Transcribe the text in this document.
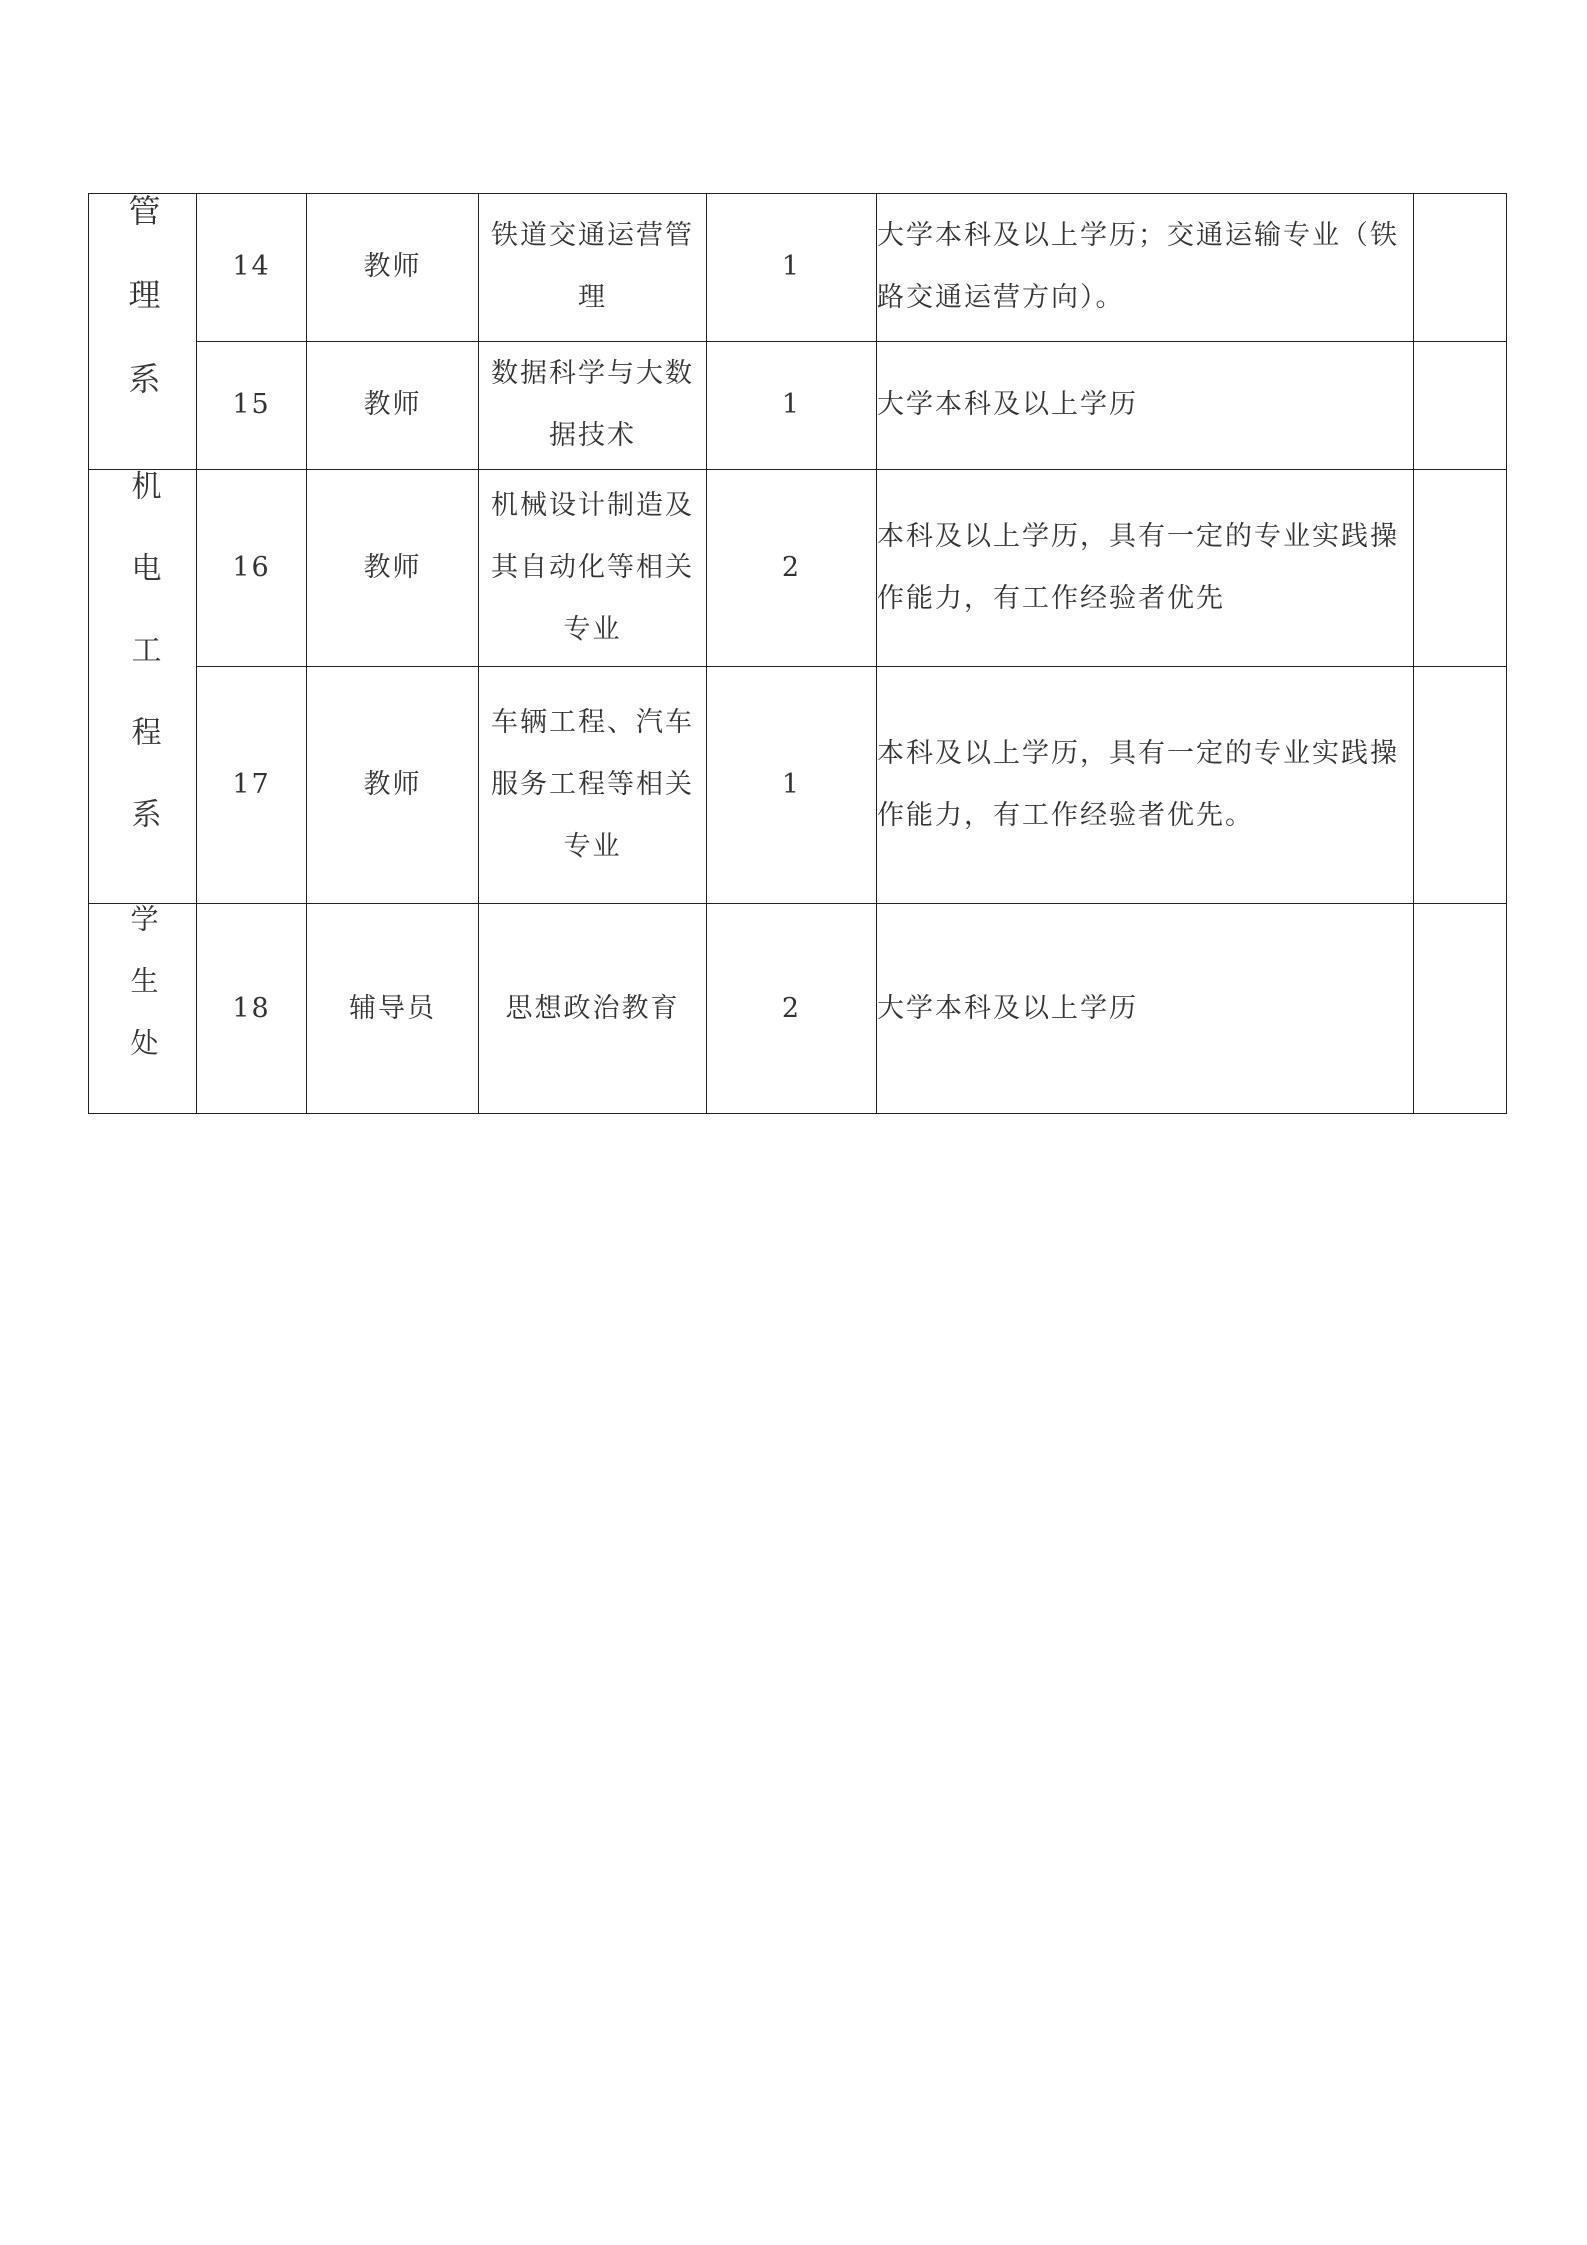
管理系	14	教师	铁道交通运营管理	1	大学本科及以上学历；交通运输专业（铁路交通运营方向）。	
	15	教师	数据科学与大数据技术	1	大学本科及以上学历	
机电工程系	16	教师	机械设计制造及其自动化等相关专业	2	本科及以上学历，具有一定的专业实践操作能力，有工作经验者优先	
	17	教师	车辆工程、汽车服务工程等相关专业	1	本科及以上学历，具有一定的专业实践操作能力，有工作经验者优先。	
学生处	18	辅导员	思想政治教育	2	大学本科及以上学历	
